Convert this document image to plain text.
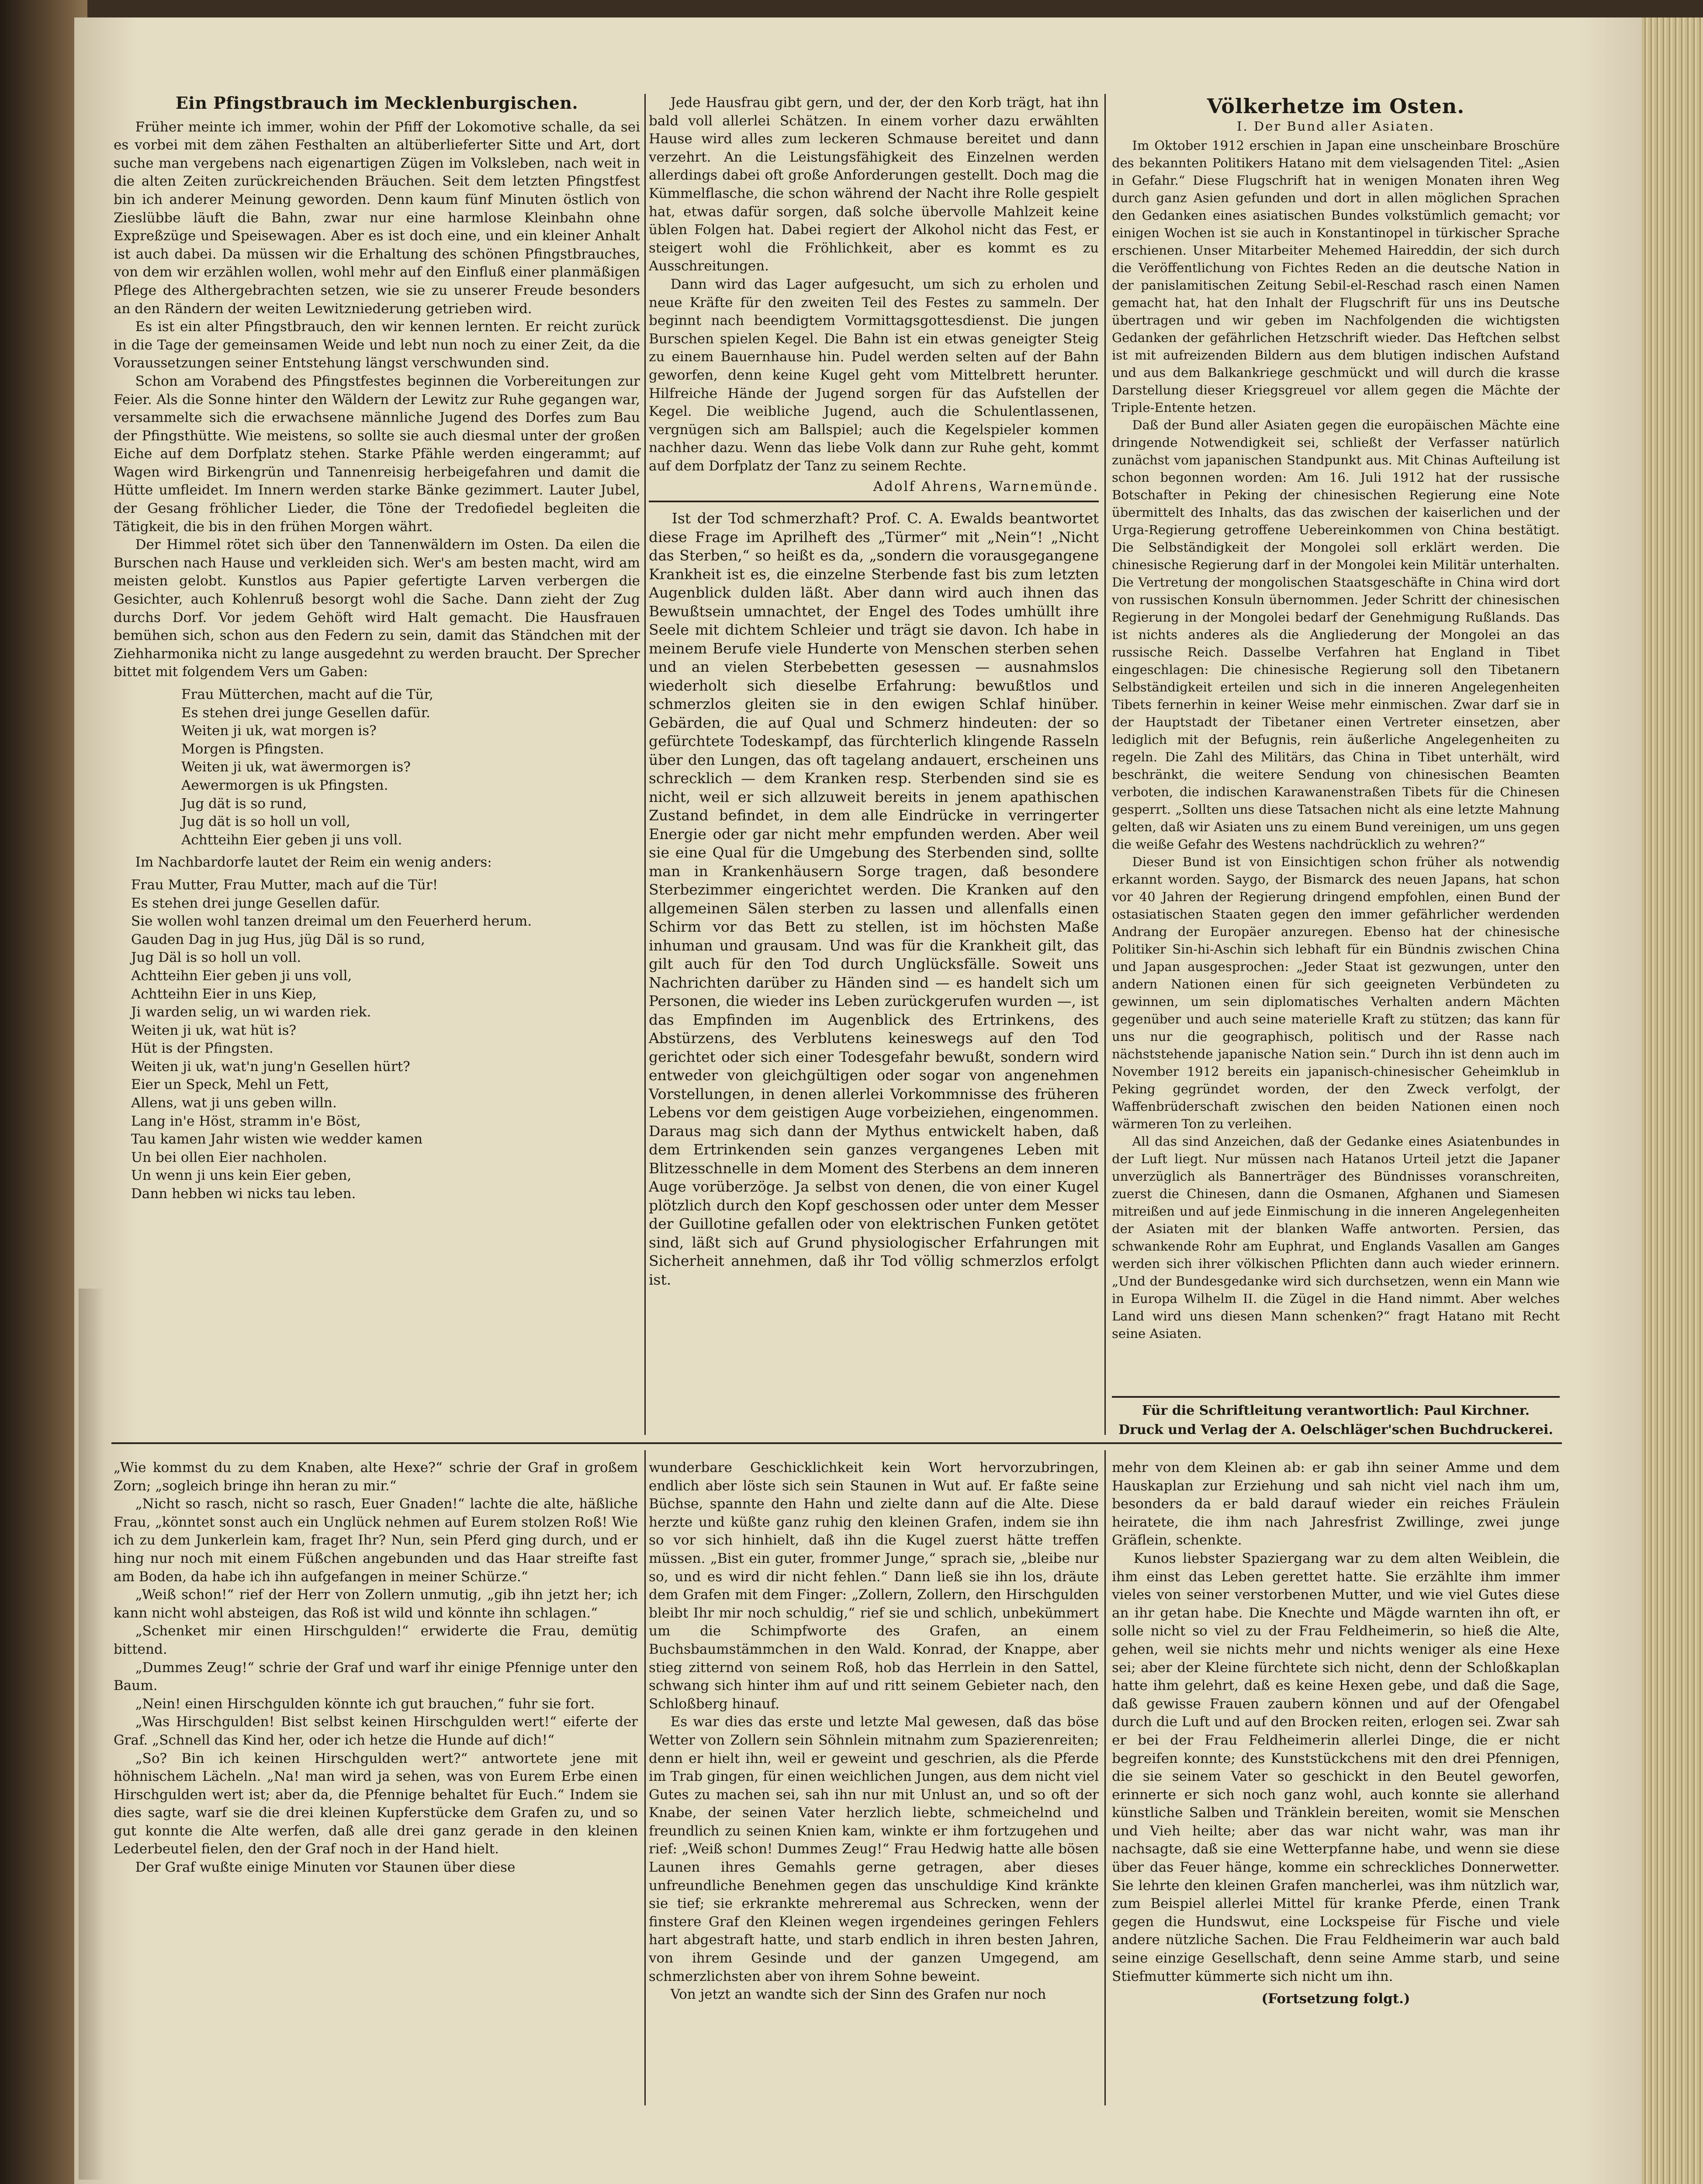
Ein Pfingstbrauch im Mecklenburgischen.

Früher meinte ich immer, wohin der Pfiff der Lokomotive schalle, da sei es vorbei mit dem zähen Festhalten an altüberlieferter Sitte und Art, dort suche man vergebens nach eigenartigen Zügen im Volksleben, nach weit in die alten Zeiten zurückreichenden Bräuchen. Seit dem letzten Pfingstfest bin ich anderer Meinung geworden. Denn kaum fünf Minuten östlich von Zieslübbe läuft die Bahn, zwar nur eine harmlose Kleinbahn ohne Expreßzüge und Speisewagen. Aber es ist doch eine, und ein kleiner Anhalt ist auch dabei. Da müssen wir die Erhaltung des schönen Pfingstbrauches, von dem wir erzählen wollen, wohl mehr auf den Einfluß einer planmäßigen Pflege des Althergebrachten setzen, wie sie zu unserer Freude besonders an den Rändern der weiten Lewitzniederung getrieben wird.

Es ist ein alter Pfingstbrauch, den wir kennen lernten. Er reicht zurück in die Tage der gemeinsamen Weide und lebt nun noch zu einer Zeit, da die Voraussetzungen seiner Entstehung längst verschwunden sind.

Schon am Vorabend des Pfingstfestes beginnen die Vorbereitungen zur Feier. Als die Sonne hinter den Wäldern der Lewitz zur Ruhe gegangen war, versammelte sich die erwachsene männliche Jugend des Dorfes zum Bau der Pfingsthütte. Wie meistens, so sollte sie auch diesmal unter der großen Eiche auf dem Dorfplatz stehen. Starke Pfähle werden eingerammt; auf Wagen wird Birkengrün und Tannenreisig herbeigefahren und damit die Hütte umfleidet. Im Innern werden starke Bänke gezimmert. Lauter Jubel, der Gesang fröhlicher Lieder, die Töne der Tredofiedel begleiten die Tätigkeit, die bis in den frühen Morgen währt.

Der Himmel rötet sich über den Tannenwäldern im Osten. Da eilen die Burschen nach Hause und verkleiden sich. Wer's am besten macht, wird am meisten gelobt. Kunstlos aus Papier gefertigte Larven verbergen die Gesichter, auch Kohlenruß besorgt wohl die Sache. Dann zieht der Zug durchs Dorf. Vor jedem Gehöft wird Halt gemacht. Die Hausfrauen bemühen sich, schon aus den Federn zu sein, damit das Ständchen mit der Ziehharmonika nicht zu lange ausgedehnt zu werden braucht. Der Sprecher bittet mit folgendem Vers um Gaben:

Frau Mütterchen, macht auf die Tür,
Es stehen drei junge Gesellen dafür.
Weiten ji uk, wat morgen is?
Morgen is Pfingsten.
Weiten ji uk, wat äwermorgen is?
Aewermorgen is uk Pfingsten.
Jug dät is so rund,
Jug dät is so holl un voll,
Achtteihn Eier geben ji uns voll.

Im Nachbardorfe lautet der Reim ein wenig anders:

Frau Mutter, Frau Mutter, mach auf die Tür!
Es stehen drei junge Gesellen dafür.
Sie wollen wohl tanzen dreimal um den Feuerherd herum.
Gauden Dag in jug Hus, jüg Däl is so rund,
Jug Däl is so holl un voll.
Achtteihn Eier geben ji uns voll,
Achtteihn Eier in uns Kiep,
Ji warden selig, un wi warden riek.
Weiten ji uk, wat hüt is?
Hüt is der Pfingsten.
Weiten ji uk, wat'n jung'n Gesellen hürt?
Eier un Speck, Mehl un Fett,
Allens, wat ji uns geben willn.
Lang in'e Höst, stramm in'e Böst,
Tau kamen Jahr wisten wie wedder kamen
Un bei ollen Eier nachholen.
Un wenn ji uns kein Eier geben,
Dann hebben wi nicks tau leben.

Jede Hausfrau gibt gern, und der, der den Korb trägt, hat ihn bald voll allerlei Schätzen. In einem vorher dazu erwählten Hause wird alles zum leckeren Schmause bereitet und dann verzehrt. An die Leistungsfähigkeit des Einzelnen werden allerdings dabei oft große Anforderungen gestellt. Doch mag die Kümmelflasche, die schon während der Nacht ihre Rolle gespielt hat, etwas dafür sorgen, daß solche übervolle Mahlzeit keine üblen Folgen hat. Dabei regiert der Alkohol nicht das Fest, er steigert wohl die Fröhlichkeit, aber es kommt es zu Ausschreitungen.

Dann wird das Lager aufgesucht, um sich zu erholen und neue Kräfte für den zweiten Teil des Festes zu sammeln. Der beginnt nach beendigtem Vormittagsgottesdienst. Die jungen Burschen spielen Kegel. Die Bahn ist ein etwas geneigter Steig zu einem Bauernhause hin. Pudel werden selten auf der Bahn geworfen, denn keine Kugel geht vom Mittelbrett herunter. Hilfreiche Hände der Jugend sorgen für das Aufstellen der Kegel. Die weibliche Jugend, auch die Schulentlassenen, vergnügen sich am Ballspiel; auch die Kegelspieler kommen nachher dazu. Wenn das liebe Volk dann zur Ruhe geht, kommt auf dem Dorfplatz der Tanz zu seinem Rechte.

Adolf Ahrens, Warnemünde.

Ist der Tod schmerzhaft? Prof. C. A. Ewalds beantwortet diese Frage im Aprilheft des „Türmer“ mit „Nein“! „Nicht das Sterben,“ so heißt es da, „sondern die vorausgegangene Krankheit ist es, die einzelne Sterbende fast bis zum letzten Augenblick dulden läßt. Aber dann wird auch ihnen das Bewußtsein umnachtet, der Engel des Todes umhüllt ihre Seele mit dichtem Schleier und trägt sie davon. Ich habe in meinem Berufe viele Hunderte von Menschen sterben sehen und an vielen Sterbebetten gesessen — ausnahmslos wiederholt sich dieselbe Erfahrung: bewußtlos und schmerzlos gleiten sie in den ewigen Schlaf hinüber. Gebärden, die auf Qual und Schmerz hindeuten: der so gefürchtete Todeskampf, das fürchterlich klingende Rasseln über den Lungen, das oft tagelang andauert, erscheinen uns schrecklich — dem Kranken resp. Sterbenden sind sie es nicht, weil er sich allzuweit bereits in jenem apathischen Zustand befindet, in dem alle Eindrücke in verringerter Energie oder gar nicht mehr empfunden werden. Aber weil sie eine Qual für die Umgebung des Sterbenden sind, sollte man in Krankenhäusern Sorge tragen, daß besondere Sterbezimmer eingerichtet werden. Die Kranken auf den allgemeinen Sälen sterben zu lassen und allenfalls einen Schirm vor das Bett zu stellen, ist im höchsten Maße inhuman und grausam. Und was für die Krankheit gilt, das gilt auch für den Tod durch Unglücksfälle. Soweit uns Nachrichten darüber zu Händen sind — es handelt sich um Personen, die wieder ins Leben zurückgerufen wurden —, ist das Empfinden im Augenblick des Ertrinkens, des Abstürzens, des Verblutens keineswegs auf den Tod gerichtet oder sich einer Todesgefahr bewußt, sondern wird entweder von gleichgültigen oder sogar von angenehmen Vorstellungen, in denen allerlei Vorkommnisse des früheren Lebens vor dem geistigen Auge vorbeiziehen, eingenommen. Daraus mag sich dann der Mythus entwickelt haben, daß dem Ertrinkenden sein ganzes vergangenes Leben mit Blitzesschnelle in dem Moment des Sterbens an dem inneren Auge vorüberzöge. Ja selbst von denen, die von einer Kugel plötzlich durch den Kopf geschossen oder unter dem Messer der Guillotine gefallen oder von elektrischen Funken getötet sind, läßt sich auf Grund physiologischer Erfahrungen mit Sicherheit annehmen, daß ihr Tod völlig schmerzlos erfolgt ist.

Völkerhetze im Osten.
I. Der Bund aller Asiaten.

Im Oktober 1912 erschien in Japan eine unscheinbare Broschüre des bekannten Politikers Hatano mit dem vielsagenden Titel: „Asien in Gefahr.“ Diese Flugschrift hat in wenigen Monaten ihren Weg durch ganz Asien gefunden und dort in allen möglichen Sprachen den Gedanken eines asiatischen Bundes volkstümlich gemacht; vor einigen Wochen ist sie auch in Konstantinopel in türkischer Sprache erschienen. Unser Mitarbeiter Mehemed Haireddin, der sich durch die Veröffentlichung von Fichtes Reden an die deutsche Nation in der panislamitischen Zeitung Sebil-el-Reschad rasch einen Namen gemacht hat, hat den Inhalt der Flugschrift für uns ins Deutsche übertragen und wir geben im Nachfolgenden die wichtigsten Gedanken der gefährlichen Hetzschrift wieder. Das Heftchen selbst ist mit aufreizenden Bildern aus dem blutigen indischen Aufstand und aus dem Balkankriege geschmückt und will durch die krasse Darstellung dieser Kriegsgreuel vor allem gegen die Mächte der Triple-Entente hetzen.

Daß der Bund aller Asiaten gegen die europäischen Mächte eine dringende Notwendigkeit sei, schließt der Verfasser natürlich zunächst vom japanischen Standpunkt aus. Mit Chinas Aufteilung ist schon begonnen worden: Am 16. Juli 1912 hat der russische Botschafter in Peking der chinesischen Regierung eine Note übermittelt des Inhalts, das das zwischen der kaiserlichen und der Urga-Regierung getroffene Uebereinkommen von China bestätigt. Die Selbständigkeit der Mongolei soll erklärt werden. Die chinesische Regierung darf in der Mongolei kein Militär unterhalten. Die Vertretung der mongolischen Staatsgeschäfte in China wird dort von russischen Konsuln übernommen. Jeder Schritt der chinesischen Regierung in der Mongolei bedarf der Genehmigung Rußlands. Das ist nichts anderes als die Angliederung der Mongolei an das russische Reich. Dasselbe Verfahren hat England in Tibet eingeschlagen: Die chinesische Regierung soll den Tibetanern Selbständigkeit erteilen und sich in die inneren Angelegenheiten Tibets fernerhin in keiner Weise mehr einmischen. Zwar darf sie in der Hauptstadt der Tibetaner einen Vertreter einsetzen, aber lediglich mit der Befugnis, rein äußerliche Angelegenheiten zu regeln. Die Zahl des Militärs, das China in Tibet unterhält, wird beschränkt, die weitere Sendung von chinesischen Beamten verboten, die indischen Karawanenstraßen Tibets für die Chinesen gesperrt. „Sollten uns diese Tatsachen nicht als eine letzte Mahnung gelten, daß wir Asiaten uns zu einem Bund vereinigen, um uns gegen die weiße Gefahr des Westens nachdrücklich zu wehren?“

Dieser Bund ist von Einsichtigen schon früher als notwendig erkannt worden. Saygo, der Bismarck des neuen Japans, hat schon vor 40 Jahren der Regierung dringend empfohlen, einen Bund der ostasiatischen Staaten gegen den immer gefährlicher werdenden Andrang der Europäer anzuregen. Ebenso hat der chinesische Politiker Sin-hi-Aschin sich lebhaft für ein Bündnis zwischen China und Japan ausgesprochen: „Jeder Staat ist gezwungen, unter den andern Nationen einen für sich geeigneten Verbündeten zu gewinnen, um sein diplomatisches Verhalten andern Mächten gegenüber und auch seine materielle Kraft zu stützen; das kann für uns nur die geographisch, politisch und der Rasse nach nächststehende japanische Nation sein.“ Durch ihn ist denn auch im November 1912 bereits ein japanisch-chinesischer Geheimklub in Peking gegründet worden, der den Zweck verfolgt, der Waffenbrüderschaft zwischen den beiden Nationen einen noch wärmeren Ton zu verleihen.

All das sind Anzeichen, daß der Gedanke eines Asiatenbundes in der Luft liegt. Nur müssen nach Hatanos Urteil jetzt die Japaner unverzüglich als Bannerträger des Bündnisses voranschreiten, zuerst die Chinesen, dann die Osmanen, Afghanen und Siamesen mitreißen und auf jede Einmischung in die inneren Angelegenheiten der Asiaten mit der blanken Waffe antworten. Persien, das schwankende Rohr am Euphrat, und Englands Vasallen am Ganges werden sich ihrer völkischen Pflichten dann auch wieder erinnern. „Und der Bundesgedanke wird sich durchsetzen, wenn ein Mann wie in Europa Wilhelm II. die Zügel in die Hand nimmt. Aber welches Land wird uns diesen Mann schenken?“ fragt Hatano mit Recht seine Asiaten.

Für die Schriftleitung verantwortlich: Paul Kirchner.
Druck und Verlag der A. Oelschläger'schen Buchdruckerei.

„Wie kommst du zu dem Knaben, alte Hexe?“ schrie der Graf in großem Zorn; „sogleich bringe ihn heran zu mir.“

„Nicht so rasch, nicht so rasch, Euer Gnaden!“ lachte die alte, häßliche Frau, „könntet sonst auch ein Unglück nehmen auf Eurem stolzen Roß! Wie ich zu dem Junkerlein kam, fraget Ihr? Nun, sein Pferd ging durch, und er hing nur noch mit einem Füßchen angebunden und das Haar streifte fast am Boden, da habe ich ihn aufgefangen in meiner Schürze.“

„Weiß schon!“ rief der Herr von Zollern unmutig, „gib ihn jetzt her; ich kann nicht wohl absteigen, das Roß ist wild und könnte ihn schlagen.“

„Schenket mir einen Hirschgulden!“ erwiderte die Frau, demütig bittend.

„Dummes Zeug!“ schrie der Graf und warf ihr einige Pfennige unter den Baum.

„Nein! einen Hirschgulden könnte ich gut brauchen,“ fuhr sie fort.

„Was Hirschgulden! Bist selbst keinen Hirschgulden wert!“ eiferte der Graf. „Schnell das Kind her, oder ich hetze die Hunde auf dich!“

„So? Bin ich keinen Hirschgulden wert?“ antwortete jene mit höhnischem Lächeln. „Na! man wird ja sehen, was von Eurem Erbe einen Hirschgulden wert ist; aber da, die Pfennige behaltet für Euch.“ Indem sie dies sagte, warf sie die drei kleinen Kupferstücke dem Grafen zu, und so gut konnte die Alte werfen, daß alle drei ganz gerade in den kleinen Lederbeutel fielen, den der Graf noch in der Hand hielt.

Der Graf wußte einige Minuten vor Staunen über diese

wunderbare Geschicklichkeit kein Wort hervorzubringen, endlich aber löste sich sein Staunen in Wut auf. Er faßte seine Büchse, spannte den Hahn und zielte dann auf die Alte. Diese herzte und küßte ganz ruhig den kleinen Grafen, indem sie ihn so vor sich hinhielt, daß ihn die Kugel zuerst hätte treffen müssen. „Bist ein guter, frommer Junge,“ sprach sie, „bleibe nur so, und es wird dir nicht fehlen.“ Dann ließ sie ihn los, dräute dem Grafen mit dem Finger: „Zollern, Zollern, den Hirschgulden bleibt Ihr mir noch schuldig,“ rief sie und schlich, unbekümmert um die Schimpfworte des Grafen, an einem Buchsbaumstämmchen in den Wald. Konrad, der Knappe, aber stieg zitternd von seinem Roß, hob das Herrlein in den Sattel, schwang sich hinter ihm auf und ritt seinem Gebieter nach, den Schloßberg hinauf.

Es war dies das erste und letzte Mal gewesen, daß das böse Wetter von Zollern sein Söhnlein mitnahm zum Spazierenreiten; denn er hielt ihn, weil er geweint und geschrien, als die Pferde im Trab gingen, für einen weichlichen Jungen, aus dem nicht viel Gutes zu machen sei, sah ihn nur mit Unlust an, und so oft der Knabe, der seinen Vater herzlich liebte, schmeichelnd und freundlich zu seinen Knien kam, winkte er ihm fortzugehen und rief: „Weiß schon! Dummes Zeug!“ Frau Hedwig hatte alle bösen Launen ihres Gemahls gerne getragen, aber dieses unfreundliche Benehmen gegen das unschuldige Kind kränkte sie tief; sie erkrankte mehreremal aus Schrecken, wenn der finstere Graf den Kleinen wegen irgendeines geringen Fehlers hart abgestraft hatte, und starb endlich in ihren besten Jahren, von ihrem Gesinde und der ganzen Umgegend, am schmerzlichsten aber von ihrem Sohne beweint.

Von jetzt an wandte sich der Sinn des Grafen nur noch

mehr von dem Kleinen ab: er gab ihn seiner Amme und dem Hauskaplan zur Erziehung und sah nicht viel nach ihm um, besonders da er bald darauf wieder ein reiches Fräulein heiratete, die ihm nach Jahresfrist Zwillinge, zwei junge Gräflein, schenkte.

Kunos liebster Spaziergang war zu dem alten Weiblein, die ihm einst das Leben gerettet hatte. Sie erzählte ihm immer vieles von seiner verstorbenen Mutter, und wie viel Gutes diese an ihr getan habe. Die Knechte und Mägde warnten ihn oft, er solle nicht so viel zu der Frau Feldheimerin, so hieß die Alte, gehen, weil sie nichts mehr und nichts weniger als eine Hexe sei; aber der Kleine fürchtete sich nicht, denn der Schloßkaplan hatte ihm gelehrt, daß es keine Hexen gebe, und daß die Sage, daß gewisse Frauen zaubern können und auf der Ofengabel durch die Luft und auf den Brocken reiten, erlogen sei. Zwar sah er bei der Frau Feldheimerin allerlei Dinge, die er nicht begreifen konnte; des Kunststückchens mit den drei Pfennigen, die sie seinem Vater so geschickt in den Beutel geworfen, erinnerte er sich noch ganz wohl, auch konnte sie allerhand künstliche Salben und Tränklein bereiten, womit sie Menschen und Vieh heilte; aber das war nicht wahr, was man ihr nachsagte, daß sie eine Wetterpfanne habe, und wenn sie diese über das Feuer hänge, komme ein schreckliches Donnerwetter. Sie lehrte den kleinen Grafen mancherlei, was ihm nützlich war, zum Beispiel allerlei Mittel für kranke Pferde, einen Trank gegen die Hundswut, eine Lockspeise für Fische und viele andere nützliche Sachen. Die Frau Feldheimerin war auch bald seine einzige Gesellschaft, denn seine Amme starb, und seine Stiefmutter kümmerte sich nicht um ihn.

(Fortsetzung folgt.)
